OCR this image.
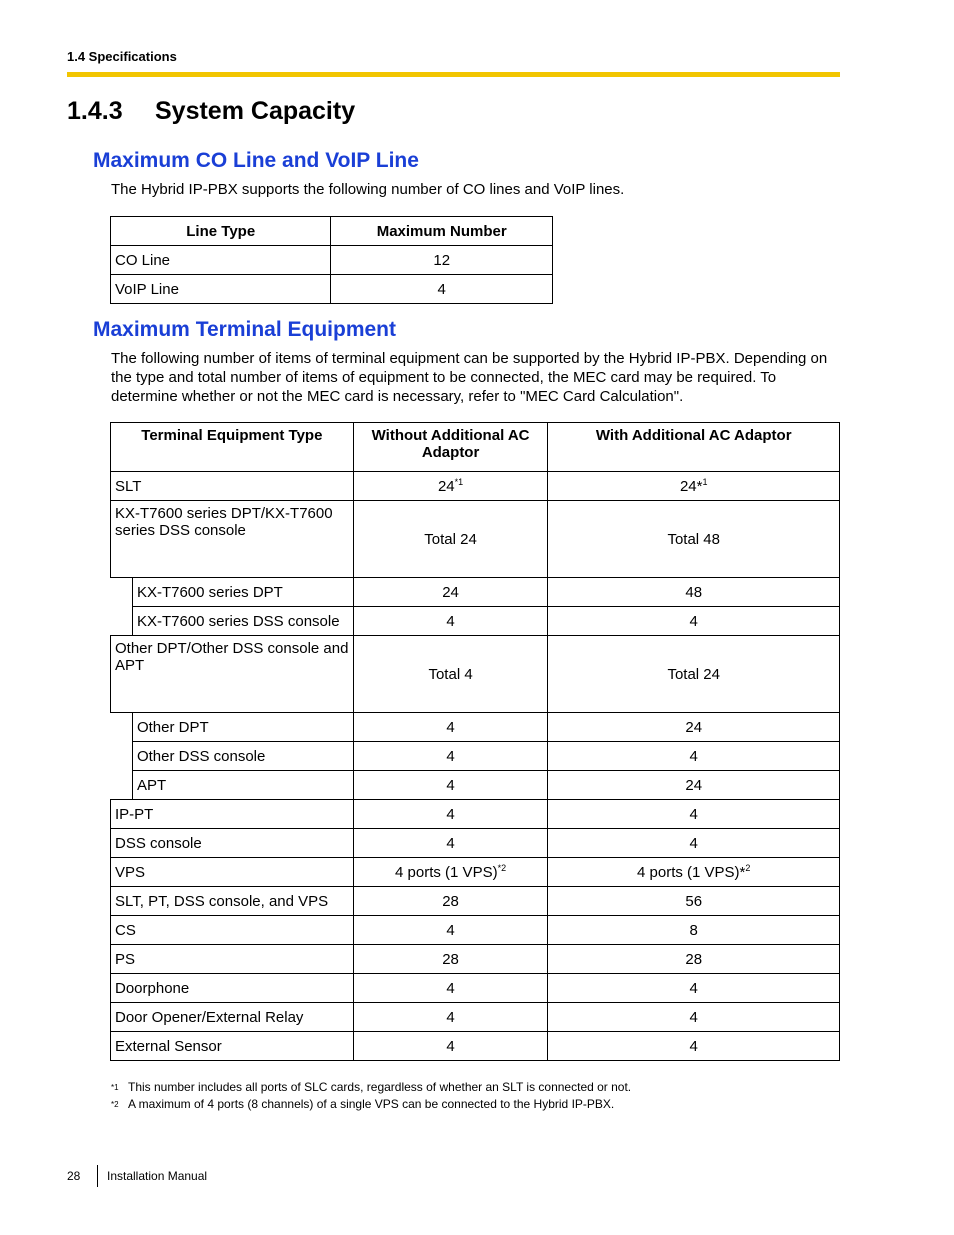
1.4 Specifications
1.4.3 System Capacity
Maximum CO Line and VoIP Line

The Hybrid IP-PBX supports the following number of CO lines and VoIP lines.

Line Type	Maximum Number
CO Line	12
VoIP Line	4
Maximum Terminal Equipment

The following number of items of terminal equipment can be supported by the Hybrid IP-PBX. Depending on the type and total number of items of equipment to be connected, the MEC card may be required. To determine whether or not the MEC card is necessary, refer to "MEC Card Calculation".

Terminal Equipment Type		Without Additional AC Adaptor	With Additional AC Adaptor
SLT		24$^{*1}$	24*$^1$
KX-T7600 series DPT/KX-T7600 series DSS console		Total 24	Total 48
	KX-T7600 series DPT	24	48
	KX-T7600 series DSS console	4	4
Other DPT/Other DSS console and APT		Total 4	Total 24
	Other DPT	4	24
	Other DSS console	4	4
	APT	4	24
IP-PT		4	4
DSS console		4	4
VPS		4 ports (1 VPS)$^{*2}$	4 ports (1 VPS)*$^2$
SLT, PT, DSS console, and VPS		28	56
CS		4	8
PS		28	28
Doorphone		4	4
Door Opener/External Relay		4	4
External Sensor		4	4
*1 This number includes all ports of SLC cards, regardless of whether an SLT is connected or not.
*2 A maximum of 4 ports (8 channels) of a single VPS can be connected to the Hybrid IP-PBX.
28	Installation Manual
